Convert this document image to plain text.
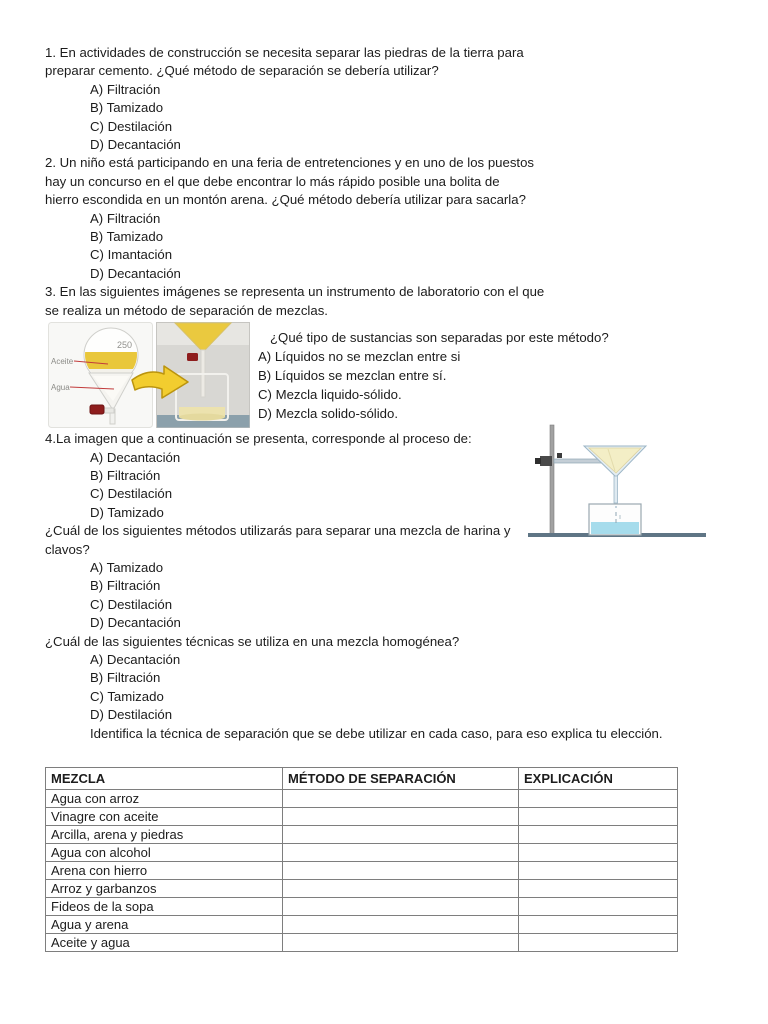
1. En actividades de construcción se necesita separar las piedras de la tierra para
preparar cemento. ¿Qué método de separación se debería utilizar?
A) Filtración
B) Tamizado
C) Destilación
D) Decantación
2. Un niño está participando en una feria de entretenciones y en uno de los puestos
hay un concurso en el que debe encontrar lo más rápido posible una bolita de
hierro escondida en un montón arena. ¿Qué método debería utilizar para sacarla?
A) Filtración
B) Tamizado
C) Imantación
D) Decantación
3. En las siguientes imágenes se representa un instrumento de laboratorio con el que
se realiza un método de separación de mezclas.
250
Aceite
Agua
¿Qué tipo de sustancias son separadas por este método?
A) Líquidos no se mezclan entre si
B) Líquidos se mezclan entre sí.
C) Mezcla liquido-sólido.
D) Mezcla solido-sólido.
4.La imagen que a continuación se presenta, corresponde al proceso de:
A) Decantación
B) Filtración
C) Destilación
D) Tamizado
¿Cuál de los siguientes métodos utilizarás para separar una mezcla de harina y
clavos?
A) Tamizado
B) Filtración
C) Destilación
D) Decantación
¿Cuál de las siguientes técnicas se utiliza en una mezcla homogénea?
A) Decantación
B) Filtración
C) Tamizado
D) Destilación
Identifica la técnica de separación que se debe utilizar en cada caso, para eso explica tu elección.
MEZCLA	MÉTODO DE SEPARACIÓN	EXPLICACIÓN
Agua con arroz		
Vinagre con aceite		
Arcilla, arena y piedras		
Agua con alcohol		
Arena con hierro		
Arroz y garbanzos		
Fideos de la sopa		
Agua y arena		
Aceite y agua		
